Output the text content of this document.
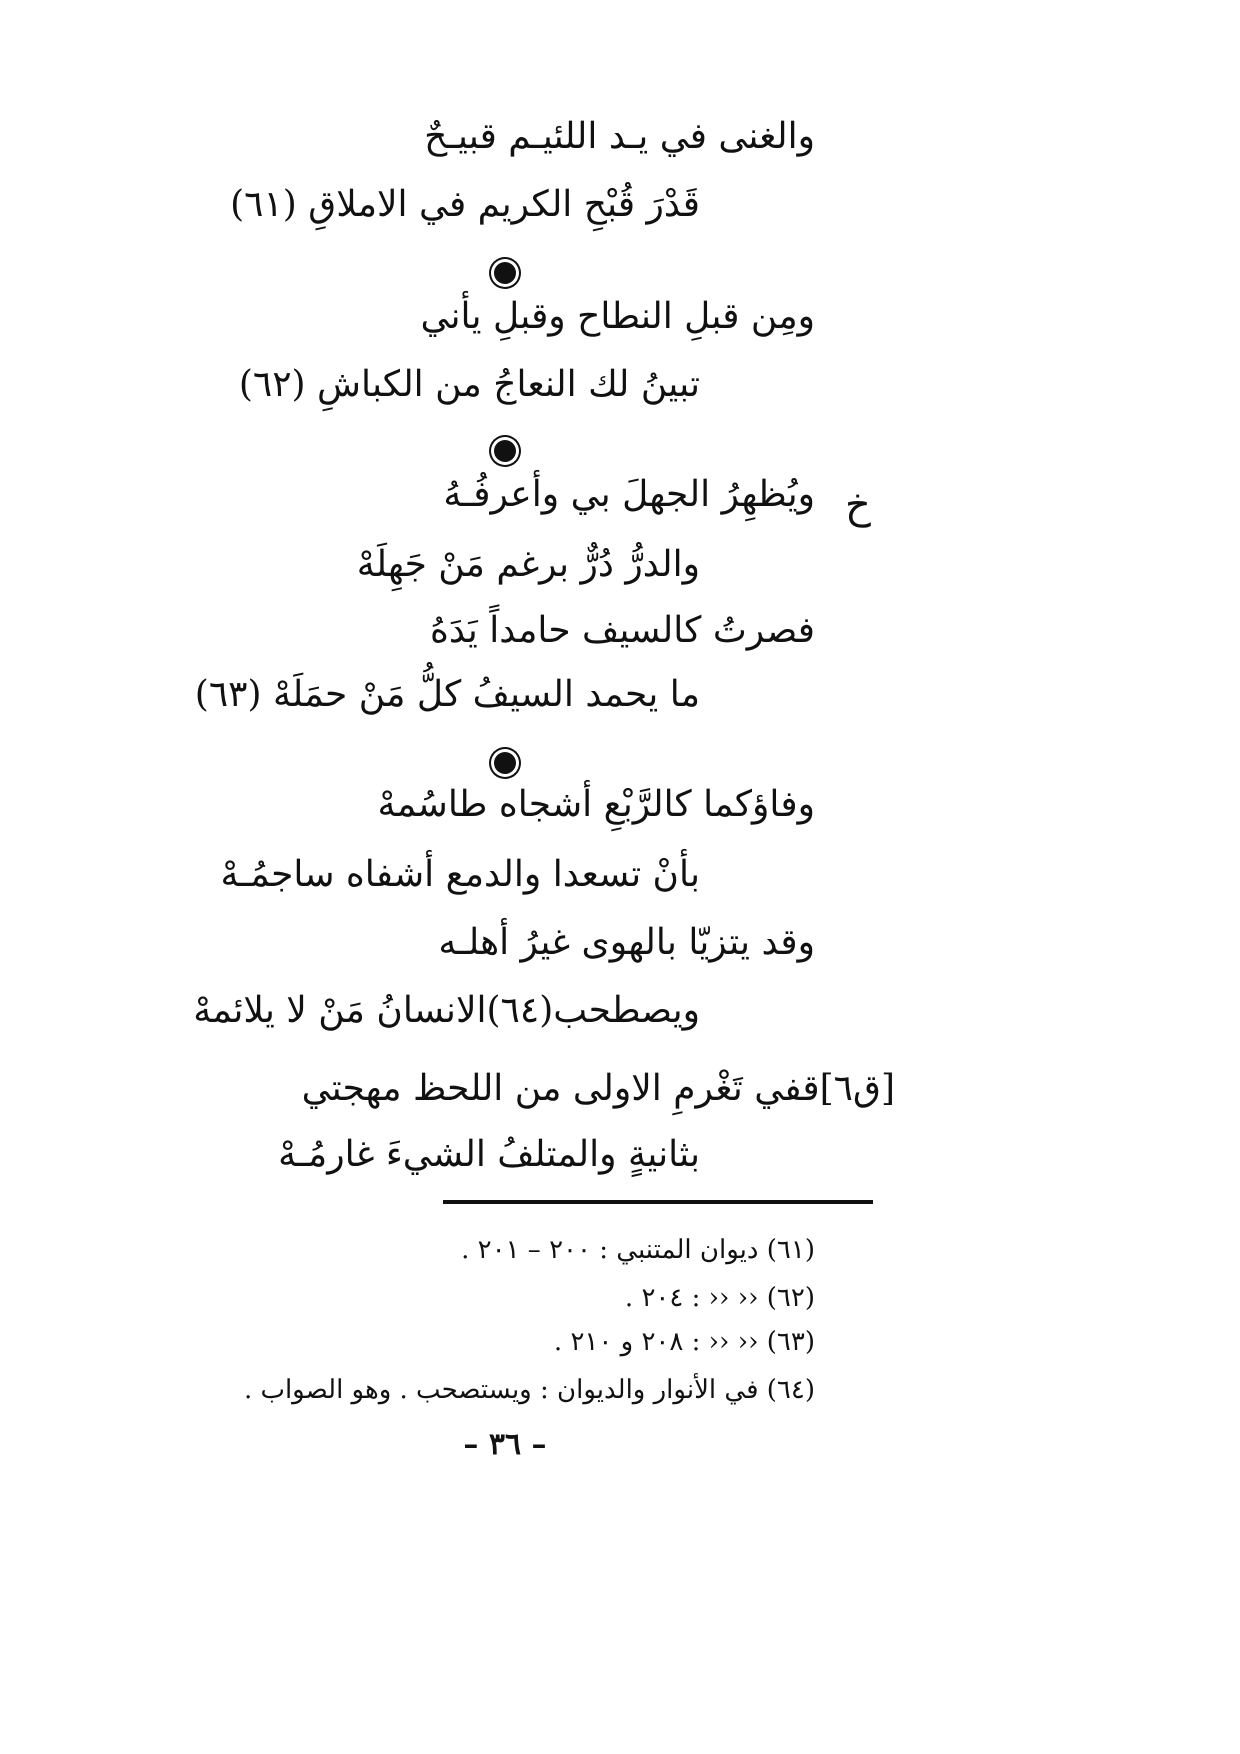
والغنى في يـد اللئيـم قبيـحٌ
قَدْرَ قُبْحِ الكريم في الاملاقِ (٦١)
ومِن قبلِ النطاح وقبلِ يأني
تبينُ لك النعاجُ من الكباشِ (٦٢)
خ
ويُظهِرُ الجهلَ بي وأعرفُـهُ
والدرُّ دُرٌّ برغم مَنْ جَهِلَهْ
فصرتُ كالسيف حامداً يَدَهُ
ما يحمد السيفُ كلُّ مَنْ حمَلَهْ (٦٣)
وفاؤكما كالرَّبْعِ أشجاه طاسُمهْ
بأنْ تسعدا والدمع أشفاه ساجمُـهْ
وقد يتزيّا بالهوى غيرُ أهلـه
ويصطحب(٦٤)الانسانُ مَنْ لا يلائمهْ
[ق٦]قفي تَغْرمِ الاولى من اللحظ مهجتي
بثانيةٍ والمتلفُ الشيءَ غارمُـهْ
(٦١) ديوان المتنبي : ٢٠٠ – ٢٠١ .
(٦٢) ‹‹ ‹‹ : ٢٠٤ .
(٦٣) ‹‹ ‹‹ : ٢٠٨ و ٢١٠ .
(٦٤) في الأنوار والديوان : ويستصحب . وهو الصواب .
– ٣٦ –
